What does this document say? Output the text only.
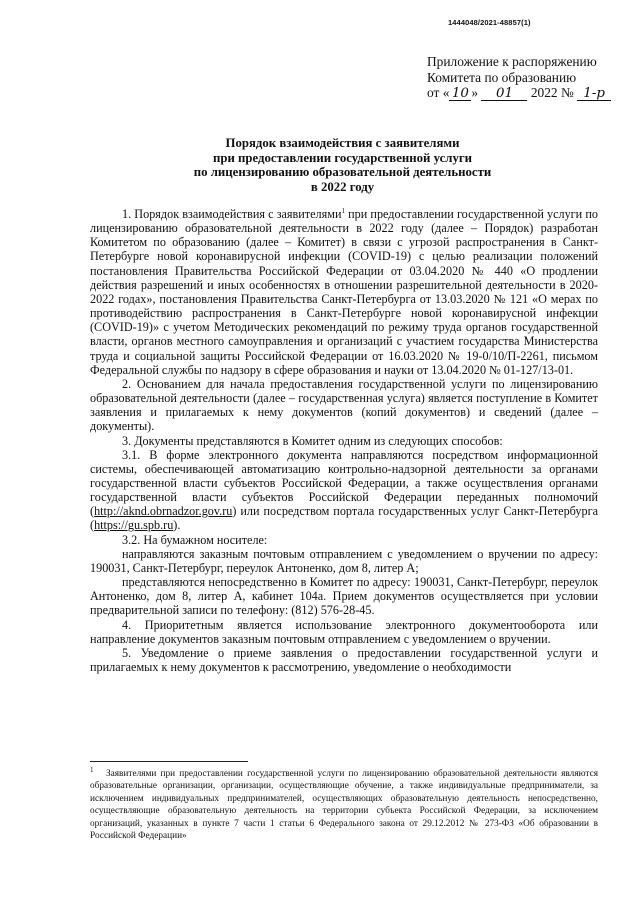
1444048/2021-48857(1)
Приложение к распоряжению
Комитета по образованию
от « 10 » 01 2022 № 1-р
Порядок взаимодействия с заявителями
при предоставлении государственной услуги
по лицензированию образовательной деятельности
в 2022 году

1. Порядок взаимодействия с заявителями$^1$ при предоставлении государственной услуги по лицензированию образовательной деятельности в 2022 году (далее – Порядок) разработан Комитетом по образованию (далее – Комитет) в связи с угрозой распространения в Санкт-Петербурге новой коронавирусной инфекции (COVID-19) с целью реализации положений постановления Правительства Российской Федерации от 03.04.2020 № 440 «О продлении действия разрешений и иных особенностях в отношении разрешительной деятельности в 2020-2022 годах», постановления Правительства Санкт-Петербурга от 13.03.2020 № 121 «О мерах по противодействию распространения в Санкт-Петербурге новой коронавирусной инфекции (COVID-19)» с учетом Методических рекомендаций по режиму труда органов государственной власти, органов местного самоуправления и организаций с участием государства Министерства труда и социальной защиты Российской Федерации от 16.03.2020 № 19-0/10/П-2261, письмом Федеральной службы по надзору в сфере образования и науки от 13.04.2020 № 01-127/13-01.

2. Основанием для начала предоставления государственной услуги по лицензированию образовательной деятельности (далее – государственная услуга) является поступление в Комитет заявления и прилагаемых к нему документов (копий документов) и сведений (далее – документы).

3. Документы представляются в Комитет одним из следующих способов:

3.1. В форме электронного документа направляются посредством информационной системы, обеспечивающей автоматизацию контрольно-надзорной деятельности за органами государственной власти субъектов Российской Федерации, а также осуществления органами государственной власти субъектов Российской Федерации переданных полномочий (http://aknd.obrnadzor.gov.ru) или посредством портала государственных услуг Санкт-Петербурга (https://gu.spb.ru).

3.2. На бумажном носителе:

направляются заказным почтовым отправлением с уведомлением о вручении по адресу: 190031, Санкт-Петербург, переулок Антоненко, дом 8, литер А;

представляются непосредственно в Комитет по адресу: 190031, Санкт-Петербург, переулок Антоненко, дом 8, литер А, кабинет 104а. Прием документов осуществляется при условии предварительной записи по телефону: (812) 576-28-45.

4. Приоритетным является использование электронного документооборота или направление документов заказным почтовым отправлением с уведомлением о вручении.

5. Уведомление о приеме заявления о предоставлении государственной услуги и прилагаемых к нему документов к рассмотрению, уведомление о необходимости

$^1$ Заявителями при предоставлении государственной услуги по лицензированию образовательной деятельности являются образовательные организации, организации, осуществляющие обучение, а также индивидуальные предприниматели, за исключением индивидуальных предпринимателей, осуществляющих образовательную деятельность непосредственно, осуществляющие образовательную деятельность на территории субъекта Российской Федерации, за исключением организаций, указанных в пункте 7 части 1 статьи 6 Федерального закона от 29.12.2012 № 273-ФЗ «Об образовании в Российской Федерации»
